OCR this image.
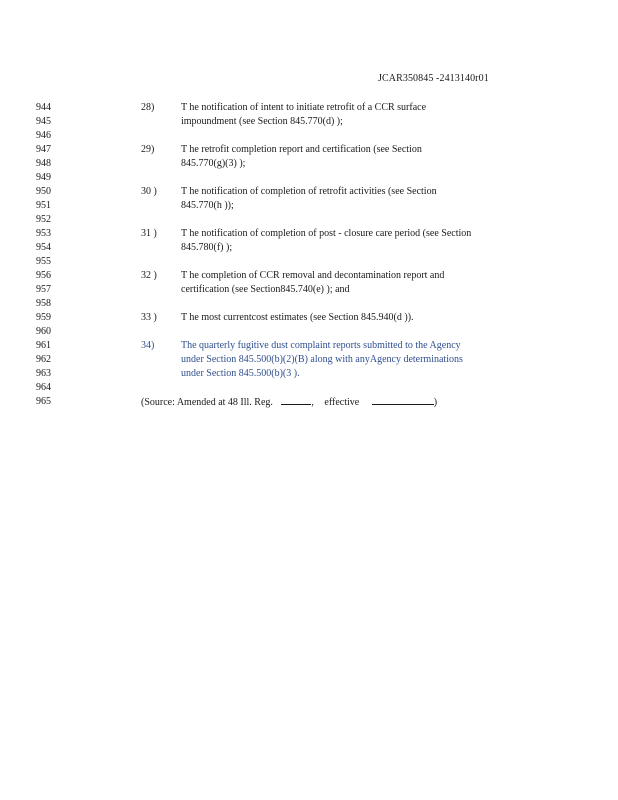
JCAR350845 -2413140r01
944
945
946
947
948
949
950
951
952
953
954
955
956
957
958
959
960
961
962
963
964
965
28)	T he notification of intent to initiate retrofit of a CCR surface
impoundment (see Section 845.770(d) );
29)	T he retrofit completion report and certification (see Section
845.770(g)(3) );
30 ) T he notification of completion of retrofit activities (see Section
845.770(h ));
31 ) T he notification of completion of post - closure care period (see Section
845.780(f) );
32 ) T he completion of CCR removal and decontamination report and
certification (see Section845.740(e) ); and
33 ) T he most currentcost estimates (see Section 845.940(d )).
34)	The quarterly fugitive dust complaint reports submitted to the Agency
under Section 845.500(b)(2)(B) along with anyAgency determinations
under Section 845.500(b)(3 ).
(Source: Amended at 48 Ill. Reg.	, effective	)
